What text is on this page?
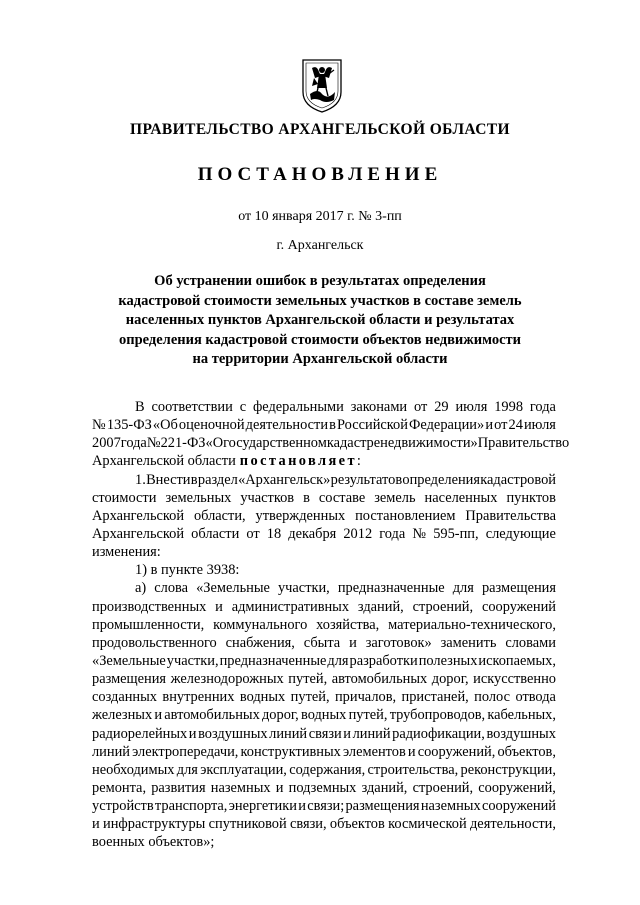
ПРАВИТЕЛЬСТВО АРХАНГЕЛЬСКОЙ ОБЛАСТИ
ПОСТАНОВЛЕНИЕ
от 10 января 2017 г. № 3-пп
г. Архангельск
Об устранении ошибок в результатах определения
кадастровой стоимости земельных участков в составе земель
населенных пунктов Архангельской области и результатах
определения кадастровой стоимости объектов недвижимости
на территории Архангельской области
В соответствии с федеральными законами от 29 июля 1998 года
№ 135-ФЗ «Об оценочной деятельности в Российской Федерации» и от 24 июля
2007 года № 221-ФЗ «О государственном кадастре недвижимости» Правительство
Архангельской области постановляет :
1. Внести в раздел «Архангельск» результатов определения кадастровой
стоимости земельных участков в составе земель населенных пунктов
Архангельской области, утвержденных постановлением Правительства
Архангельской области от 18 декабря 2012 года № 595-пп, следующие
изменения:
1) в пункте 3938:
а) слова «Земельные участки, предназначенные для размещения
производственных и административных зданий, строений, сооружений
промышленности, коммунального хозяйства, материально-технического,
продовольственного снабжения, сбыта и заготовок» заменить словами
«Земельные участки, предназначенные для разработки полезных ископаемых,
размещения железнодорожных путей, автомобильных дорог, искусственно
созданных внутренних водных путей, причалов, пристаней, полос отвода
железных и автомобильных дорог, водных путей, трубопроводов, кабельных,
радиорелейных и воздушных линий связи и линий радиофикации, воздушных
линий электропередачи, конструктивных элементов и сооружений, объектов,
необходимых для эксплуатации, содержания, строительства, реконструкции,
ремонта, развития наземных и подземных зданий, строений, сооружений,
устройств транспорта, энергетики и связи; размещения наземных сооружений
и инфраструктуры спутниковой связи, объектов космической деятельности,
военных объектов»;
